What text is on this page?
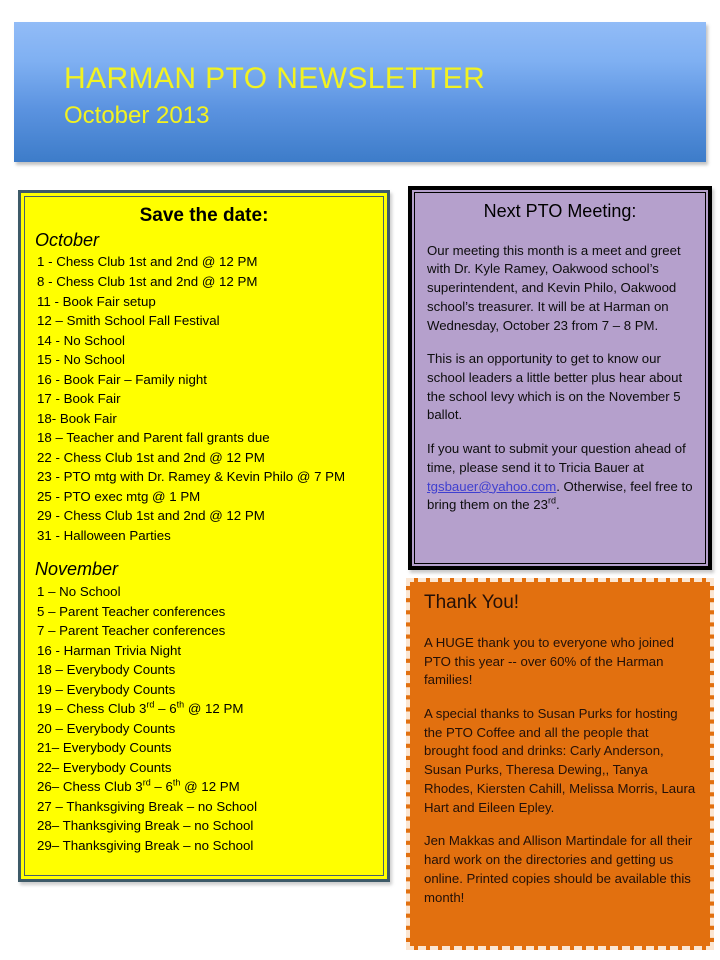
HARMAN PTO NEWSLETTER
October 2013
Save the date:
October
1 - Chess Club 1st and 2nd @ 12 PM
8 - Chess Club 1st and 2nd @ 12 PM
11 - Book Fair setup
12 – Smith School Fall Festival
14 - No School
15 - No School
16 - Book Fair – Family night
17 - Book Fair
18- Book Fair
18 – Teacher and Parent fall grants due
22 - Chess Club 1st and 2nd @ 12 PM
23 - PTO mtg with Dr. Ramey & Kevin Philo @ 7 PM
25 - PTO exec mtg @ 1 PM
29 - Chess Club 1st and 2nd @ 12 PM
31 - Halloween Parties
November
1 – No School
5 – Parent Teacher conferences
7 – Parent Teacher conferences
16 - Harman Trivia Night
18 – Everybody Counts
19 – Everybody Counts
19 – Chess Club 3rd – 6th @ 12 PM
20 – Everybody Counts
21– Everybody Counts
22– Everybody Counts
26– Chess Club 3rd – 6th @ 12 PM
27 – Thanksgiving Break – no School
28– Thanksgiving Break – no School
29– Thanksgiving Break – no School
Next PTO Meeting:

Our meeting this month is a meet and greet with Dr. Kyle Ramey, Oakwood school’s superintendent, and Kevin Philo, Oakwood school’s treasurer. It will be at Harman on Wednesday, October 23 from 7 – 8 PM.

This is an opportunity to get to know our school leaders a little better plus hear about the school levy which is on the November 5 ballot.

If you want to submit your question ahead of time, please send it to Tricia Bauer at tgsbauer@yahoo.com. Otherwise, feel free to bring them on the 23rd.

Thank You!

A HUGE thank you to everyone who joined PTO this year -- over 60% of the Harman families!

A special thanks to Susan Purks for hosting the PTO Coffee and all the people that brought food and drinks: Carly Anderson, Susan Purks, Theresa Dewing,, Tanya Rhodes, Kiersten Cahill, Melissa Morris, Laura Hart and Eileen Epley.

Jen Makkas and Allison Martindale for all their hard work on the directories and getting us online. Printed copies should be available this month!
